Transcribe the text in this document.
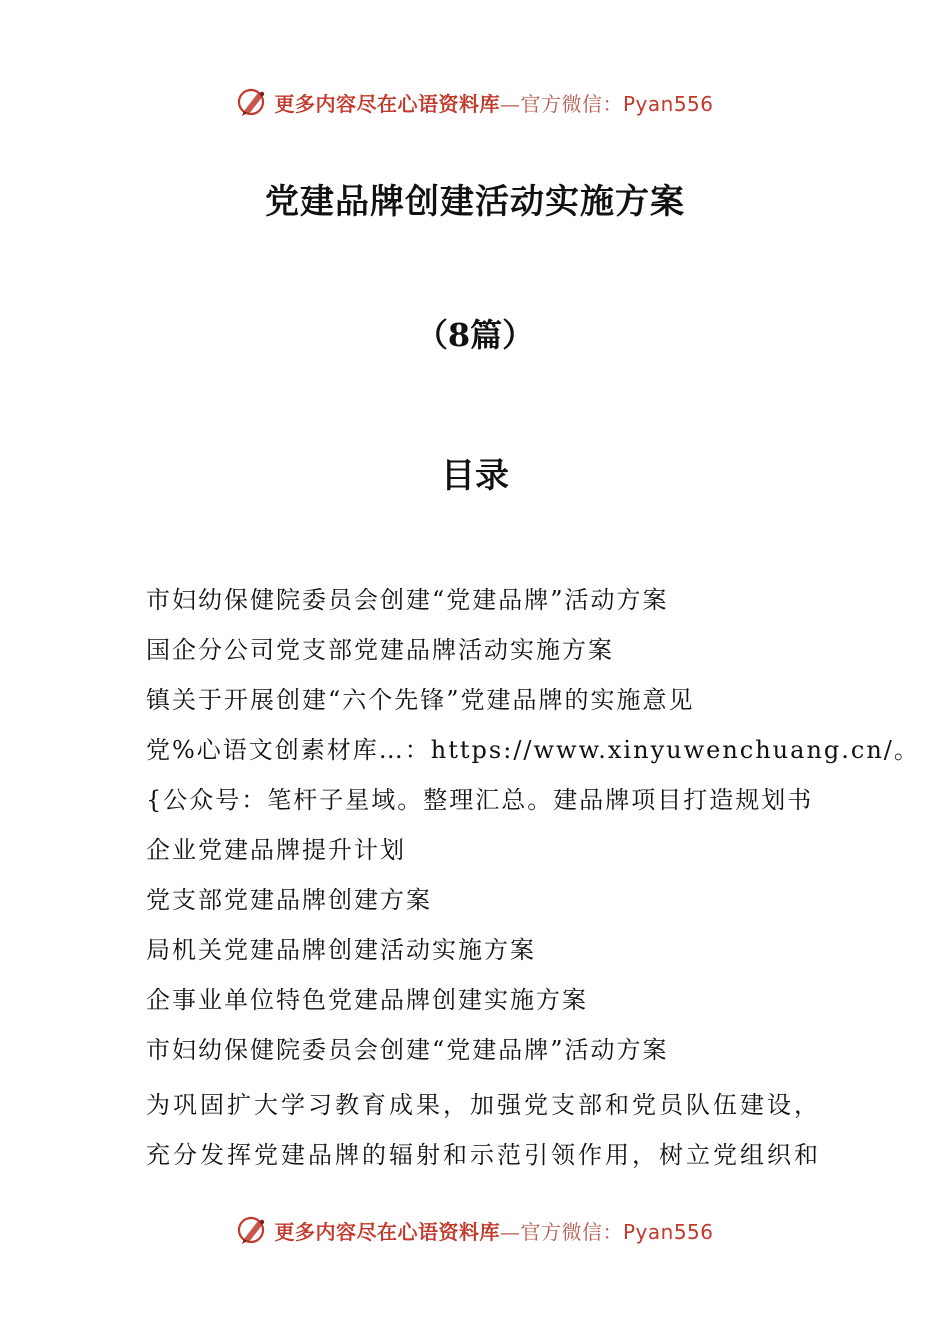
更多内容尽在心语资料库—官方微信：Pyan556
党建品牌创建活动实施方案
（8篇）
目录
市妇幼保健院委员会创建“党建品牌”活动方案
国企分公司党支部党建品牌活动实施方案
镇关于开展创建“六个先锋”党建品牌的实施意见
党%心语文创素材库…：https://www.xinyuwenchuang.cn/。
{公众号：笔杆子星域。整理汇总。建品牌项目打造规划书
企业党建品牌提升计划
党支部党建品牌创建方案
局机关党建品牌创建活动实施方案
企事业单位特色党建品牌创建实施方案
市妇幼保健院委员会创建“党建品牌”活动方案

为巩固扩大学习教育成果，加强党支部和党员队伍建设，
充分发挥党建品牌的辐射和示范引领作用，树立党组织和

更多内容尽在心语资料库—官方微信：Pyan556
